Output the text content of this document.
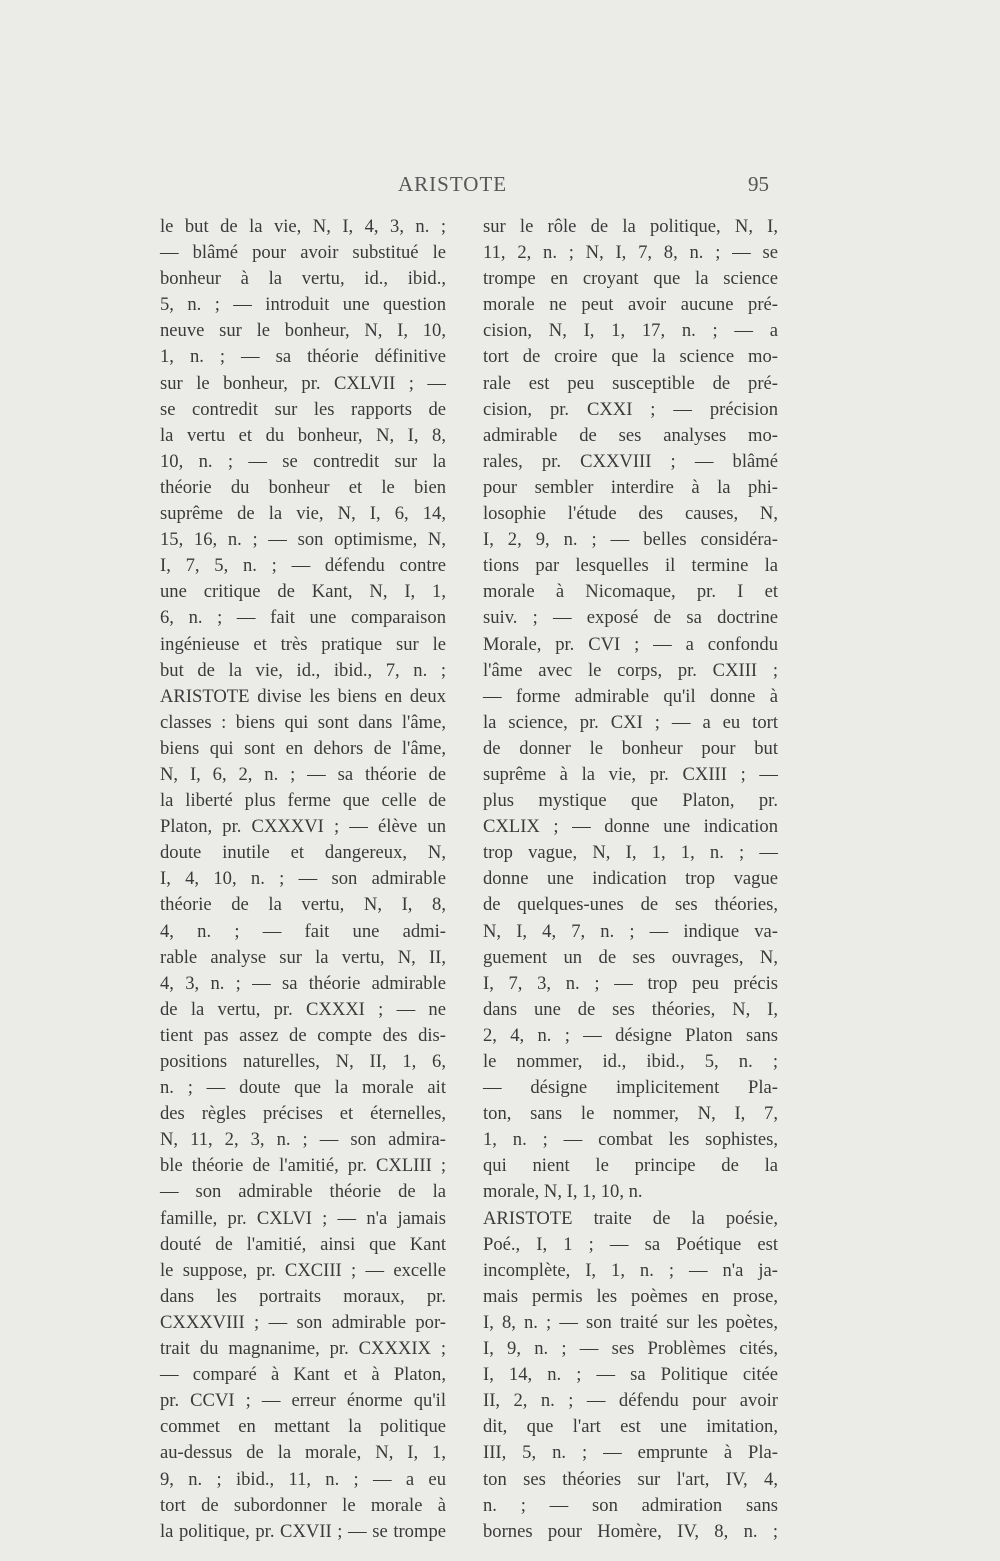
ARISTOTE	95
le but de la vie, N, I, 4, 3, n. ;
— blâmé pour avoir substitué le
bonheur à la vertu, id., ibid.,
5, n. ; — introduit une question
neuve sur le bonheur, N, I, 10,
1, n. ; — sa théorie définitive
sur le bonheur, pr. CXLVII ; —
se contredit sur les rapports de
la vertu et du bonheur, N, I, 8,
10, n. ; — se contredit sur la
théorie du bonheur et le bien
suprême de la vie, N, I, 6, 14,
15, 16, n. ; — son optimisme, N,
I, 7, 5, n. ; — défendu contre
une critique de Kant, N, I, 1,
6, n. ; — fait une comparaison
ingénieuse et très pratique sur le
but de la vie, id., ibid., 7, n. ;
ARISTOTE divise les biens en deux
classes : biens qui sont dans l'âme,
biens qui sont en dehors de l'âme,
N, I, 6, 2, n. ; — sa théorie de
la liberté plus ferme que celle de
Platon, pr. CXXXVI ; — élève un
doute inutile et dangereux, N,
I, 4, 10, n. ; — son admirable
théorie de la vertu, N, I, 8,
4, n. ; — fait une admi-
rable analyse sur la vertu, N, II,
4, 3, n. ; — sa théorie admirable
de la vertu, pr. CXXXI ; — ne
tient pas assez de compte des dis-
positions naturelles, N, II, 1, 6,
n. ; — doute que la morale ait
des règles précises et éternelles,
N, 11, 2, 3, n. ; — son admira-
ble théorie de l'amitié, pr. CXLIII ;
— son admirable théorie de la
famille, pr. CXLVI ; — n'a jamais
douté de l'amitié, ainsi que Kant
le suppose, pr. CXCIII ; — excelle
dans les portraits moraux, pr.
CXXXVIII ; — son admirable por-
trait du magnanime, pr. CXXXIX ;
— comparé à Kant et à Platon,
pr. CCVI ; — erreur énorme qu'il
commet en mettant la politique
au-dessus de la morale, N, I, 1,
9, n. ; ibid., 11, n. ; — a eu
tort de subordonner le morale à
la politique, pr. CXVII ; — se trompe
sur le rôle de la politique, N, I,
11, 2, n. ; N, I, 7, 8, n. ; — se
trompe en croyant que la science
morale ne peut avoir aucune pré-
cision, N, I, 1, 17, n. ; — a
tort de croire que la science mo-
rale est peu susceptible de pré-
cision, pr. CXXI ; — précision
admirable de ses analyses mo-
rales, pr. CXXVIII ; — blâmé
pour sembler interdire à la phi-
losophie l'étude des causes, N,
I, 2, 9, n. ; — belles considéra-
tions par lesquelles il termine la
morale à Nicomaque, pr. I et
suiv. ; — exposé de sa doctrine
Morale, pr. CVI ; — a confondu
l'âme avec le corps, pr. CXIII ;
— forme admirable qu'il donne à
la science, pr. CXI ; — a eu tort
de donner le bonheur pour but
suprême à la vie, pr. CXIII ; —
plus mystique que Platon, pr.
CXLIX ; — donne une indication
trop vague, N, I, 1, 1, n. ; —
donne une indication trop vague
de quelques-unes de ses théories,
N, I, 4, 7, n. ; — indique va-
guement un de ses ouvrages, N,
I, 7, 3, n. ; — trop peu précis
dans une de ses théories, N, I,
2, 4, n. ; — désigne Platon sans
le nommer, id., ibid., 5, n. ;
— désigne implicitement Pla-
ton, sans le nommer, N, I, 7,
1, n. ; — combat les sophistes,
qui nient le principe de la
morale, N, I, 1, 10, n.
ARISTOTE traite de la poésie,
Poé., I, 1 ; — sa Poétique est
incomplète, I, 1, n. ; — n'a ja-
mais permis les poèmes en prose,
I, 8, n. ; — son traité sur les poètes,
I, 9, n. ; — ses Problèmes cités,
I, 14, n. ; — sa Politique citée
II, 2, n. ; — défendu pour avoir
dit, que l'art est une imitation,
III, 5, n. ; — emprunte à Pla-
ton ses théories sur l'art, IV, 4,
n. ; — son admiration sans
bornes pour Homère, IV, 8, n. ;
